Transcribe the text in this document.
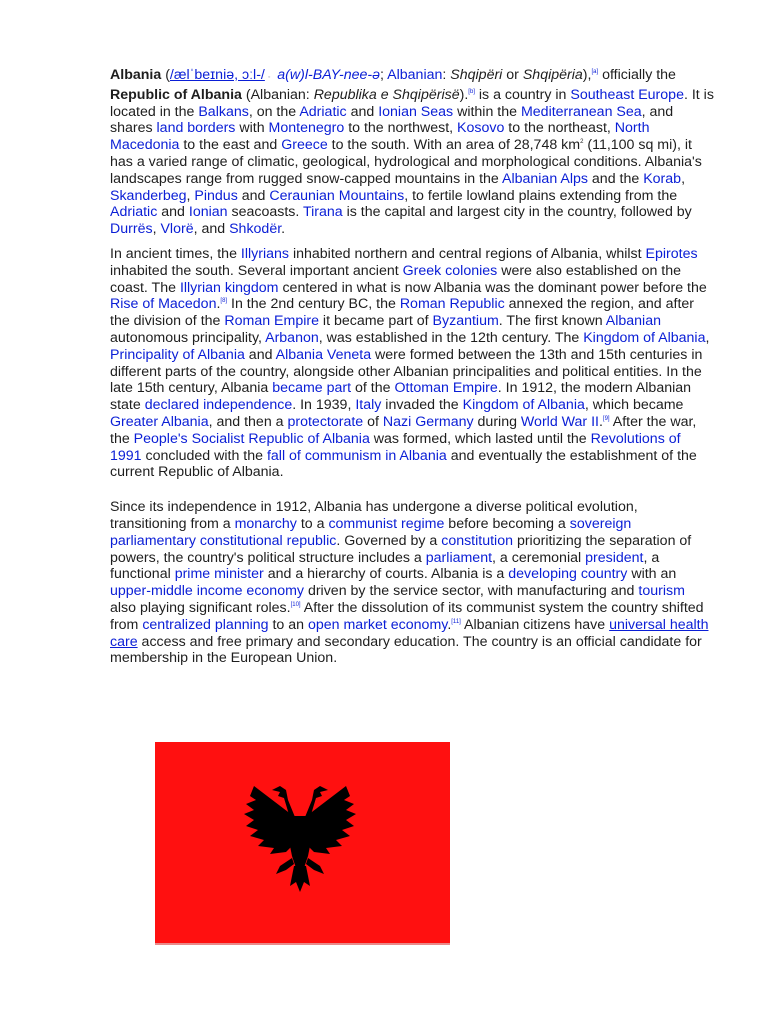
Albania (/ælˈbeɪniə, ɔːl-/ ◦ a(w)l-BAY-nee-ə; Albanian: Shqipëri or Shqipëria),[a] officially the Republic of Albania (Albanian: Republika e Shqipërisë).[b] is a country in Southeast Europe. It is located in the Balkans, on the Adriatic and Ionian Seas within the Mediterranean Sea, and shares land borders with Montenegro to the northwest, Kosovo to the northeast, North Macedonia to the east and Greece to the south. With an area of 28,748 $km^2$ (11,100 sq mi), it has a varied range of climatic, geological, hydrological and morphological conditions. Albania's landscapes range from rugged snow-capped mountains in the Albanian Alps and the Korab, Skanderbeg, Pindus and Ceraunian Mountains, to fertile lowland plains extending from the Adriatic and Ionian seacoasts. Tirana is the capital and largest city in the country, followed by Durrës, Vlorë, and Shkodër.

In ancient times, the Illyrians inhabited northern and central regions of Albania, whilst Epirotes inhabited the south. Several important ancient Greek colonies were also established on the coast. The Illyrian kingdom centered in what is now Albania was the dominant power before the Rise of Macedon.[8] In the 2nd century BC, the Roman Republic annexed the region, and after the division of the Roman Empire it became part of Byzantium. The first known Albanian autonomous principality, Arbanon, was established in the 12th century. The Kingdom of Albania, Principality of Albania and Albania Veneta were formed between the 13th and 15th centuries in different parts of the country, alongside other Albanian principalities and political entities. In the late 15th century, Albania became part of the Ottoman Empire. In 1912, the modern Albanian state declared independence. In 1939, Italy invaded the Kingdom of Albania, which became Greater Albania, and then a protectorate of Nazi Germany during World War II.[9] After the war, the People's Socialist Republic of Albania was formed, which lasted until the Revolutions of 1991 concluded with the fall of communism in Albania and eventually the establishment of the current Republic of Albania.

Since its independence in 1912, Albania has undergone a diverse political evolution, transitioning from a monarchy to a communist regime before becoming a sovereign parliamentary constitutional republic. Governed by a constitution prioritizing the separation of powers, the country's political structure includes a parliament, a ceremonial president, a functional prime minister and a hierarchy of courts. Albania is a developing country with an upper-middle income economy driven by the service sector, with manufacturing and tourism also playing significant roles.[10] After the dissolution of its communist system the country shifted from centralized planning to an open market economy.[11] Albanian citizens have universal health care access and free primary and secondary education. The country is an official candidate for membership in the European Union.
